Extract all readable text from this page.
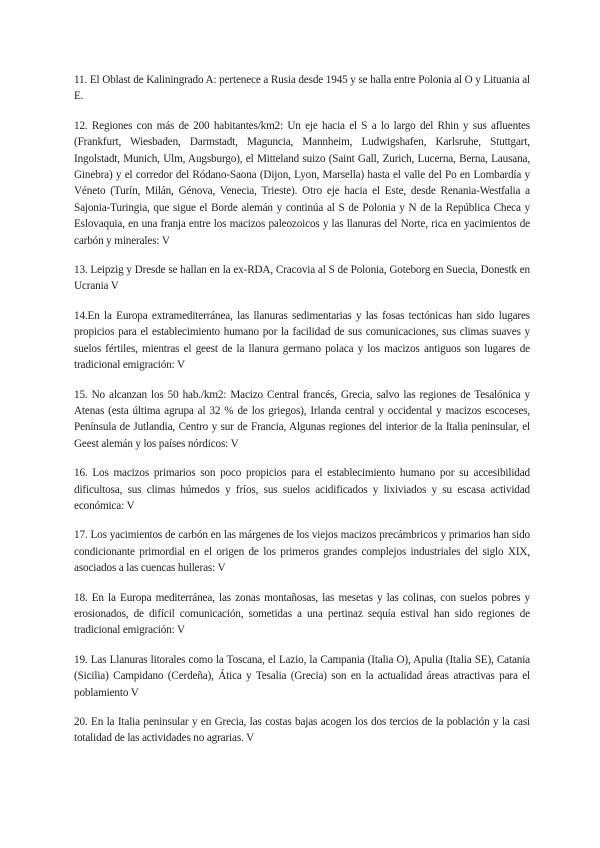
11. El Oblast de Kaliningrado A: pertenece a Rusia desde 1945 y se halla entre Polonia al O y Lituania al E.

12. Regiones con más de 200 habitantes/km2: Un eje hacia el S a lo largo del Rhin y sus afluentes (Frankfurt, Wiesbaden, Darmstadt, Maguncia, Mannheim, Ludwigshafen, Karlsruhe, Stuttgart, Ingolstadt, Munich, Ulm, Augsburgo), el Mitteland suizo (Saint Gall, Zurich, Lucerna, Berna, Lausana, Ginebra) y el corredor del Ródano-Saona (Dijon, Lyon, Marsella) hasta el valle del Po en Lombardía y Véneto (Turín, Milán, Génova, Venecia, Trieste). Otro eje hacia el Este, desde Renania-Westfalia a Sajonia-Turingia, que sigue el Borde alemán y continúa al S de Polonia y N de la República Checa y Eslovaquia, en una franja entre los macizos paleozoicos y las llanuras del Norte, rica en yacimientos de carbón y minerales: V

13. Leipzig y Dresde se hallan en la ex-RDA, Cracovia al S de Polonia, Goteborg en Suecia, Donestk en Ucrania V

14.En la Europa extramediterránea, las llanuras sedimentarias y las fosas tectónicas han sido lugares propicios para el establecimiento humano por la facilidad de sus comunicaciones, sus climas suaves y suelos fértiles, mientras el geest de la llanura germano polaca y los macizos antiguos son lugares de tradicional emigración: V

15. No alcanzan los 50 hab./km2: Macizo Central francés, Grecia, salvo las regiones de Tesalónica y Atenas (esta última agrupa al 32 % de los griegos), Irlanda central y occidental y macizos escoceses, Península de Jutlandia, Centro y sur de Francia, Algunas regiones del interior de la Italia peninsular, el Geest alemán y los países nórdicos: V

16. Los macizos primarios son poco propicios para el establecimiento humano por su accesibilidad dificultosa, sus climas húmedos y fríos, sus suelos acidificados y lixiviados y su escasa actividad económica: V

17. Los yacimientos de carbón en las márgenes de los viejos macizos precámbricos y primarios han sido condicionante primordial en el origen de los primeros grandes complejos industriales del siglo XIX, asociados a las cuencas hulleras: V

18. En la Europa mediterránea, las zonas montañosas, las mesetas y las colinas, con suelos pobres y erosionados, de difícil comunicación, sometidas a una pertinaz sequía estival han sido regiones de tradicional emigración: V

19. Las Llanuras litorales como la Toscana, el Lazio, la Campania (Italia O), Apulia (Italia SE), Catania (Sicilia) Campidano (Cerdeña), Ática y Tesalia (Grecia) son en la actualidad áreas atractivas para el poblamiento V

20. En la Italia peninsular y en Grecia, las costas bajas acogen los dos tercios de la población y la casi totalidad de las actividades no agrarias. V
